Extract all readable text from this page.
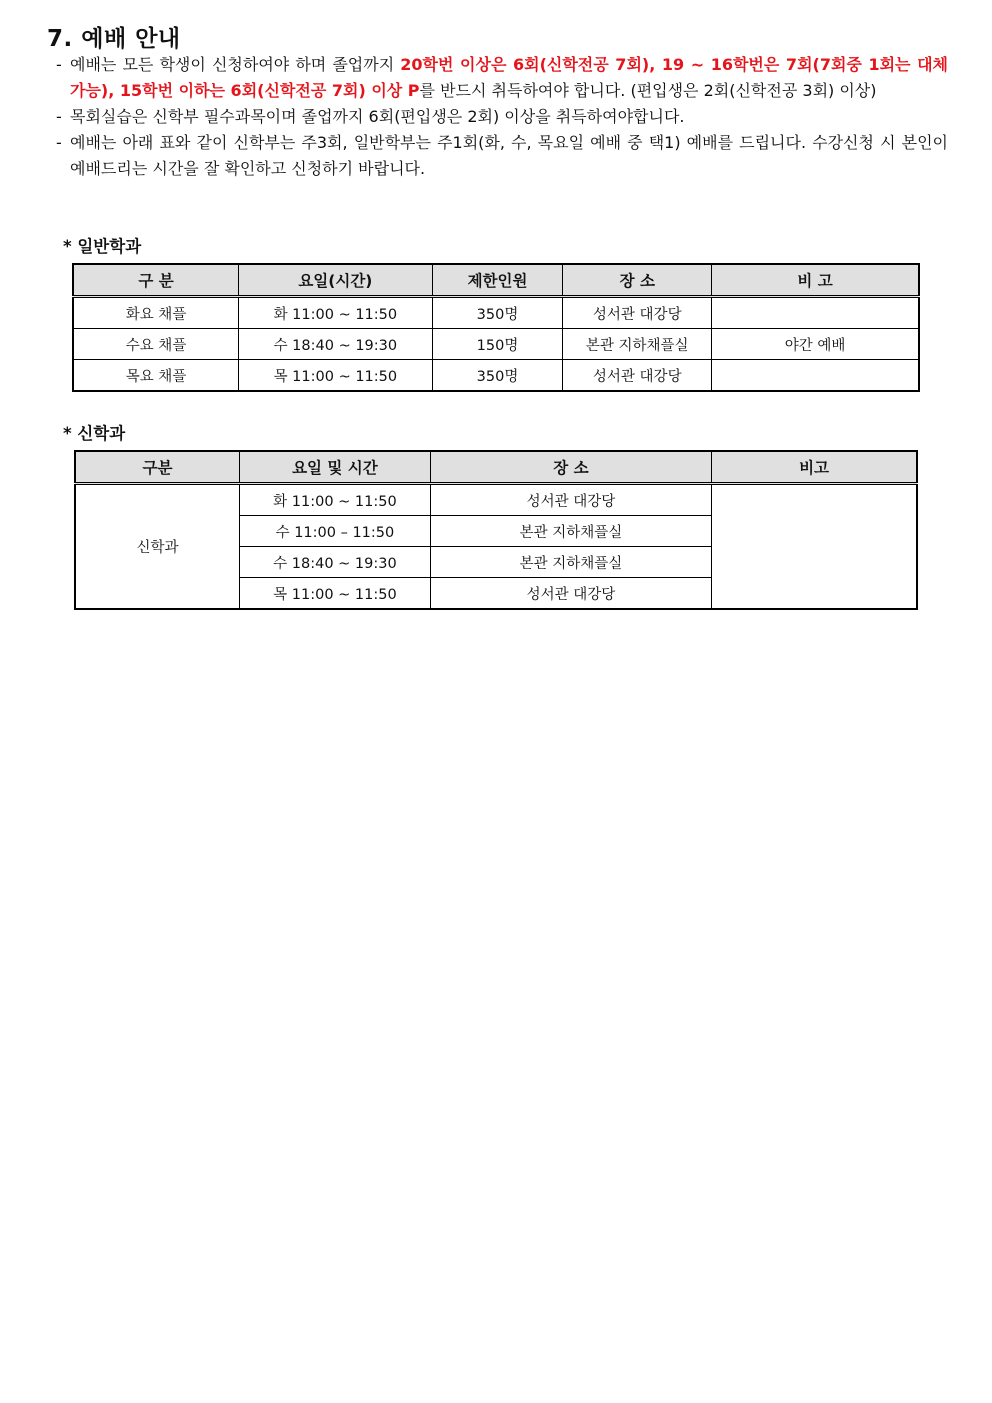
7. 예배 안내
- 예배는 모든 학생이 신청하여야 하며 졸업까지 20학번 이상은 6회(신학전공 7회), 19 ~ 16학번은 7회(7회중 1회는 대체가능), 15학번 이하는 6회(신학전공 7회) 이상 P를 반드시 취득하여야 합니다. (편입생은 2회(신학전공 3회) 이상)
- 목회실습은 신학부 필수과목이며 졸업까지 6회(편입생은 2회) 이상을 취득하여야합니다.
- 예배는 아래 표와 같이 신학부는 주3회, 일반학부는 주1회(화, 수, 목요일 예배 중 택1) 예배를 드립니다. 수강신청 시 본인이 예배드리는 시간을 잘 확인하고 신청하기 바랍니다.
* 일반학과
구 분	요일(시간)	제한인원	장 소	비 고
화요 채플	화 11:00 ~ 11:50	350명	성서관 대강당	
수요 채플	수 18:40 ~ 19:30	150명	본관 지하채플실	야간 예배
목요 채플	목 11:00 ~ 11:50	350명	성서관 대강당	
* 신학과
구분	요일 및 시간	장 소	비고
신학과	화 11:00 ~ 11:50	성서관 대강당	
	수 11:00 – 11:50	본관 지하채플실	
	수 18:40 ~ 19:30	본관 지하채플실	
	목 11:00 ~ 11:50	성서관 대강당	
